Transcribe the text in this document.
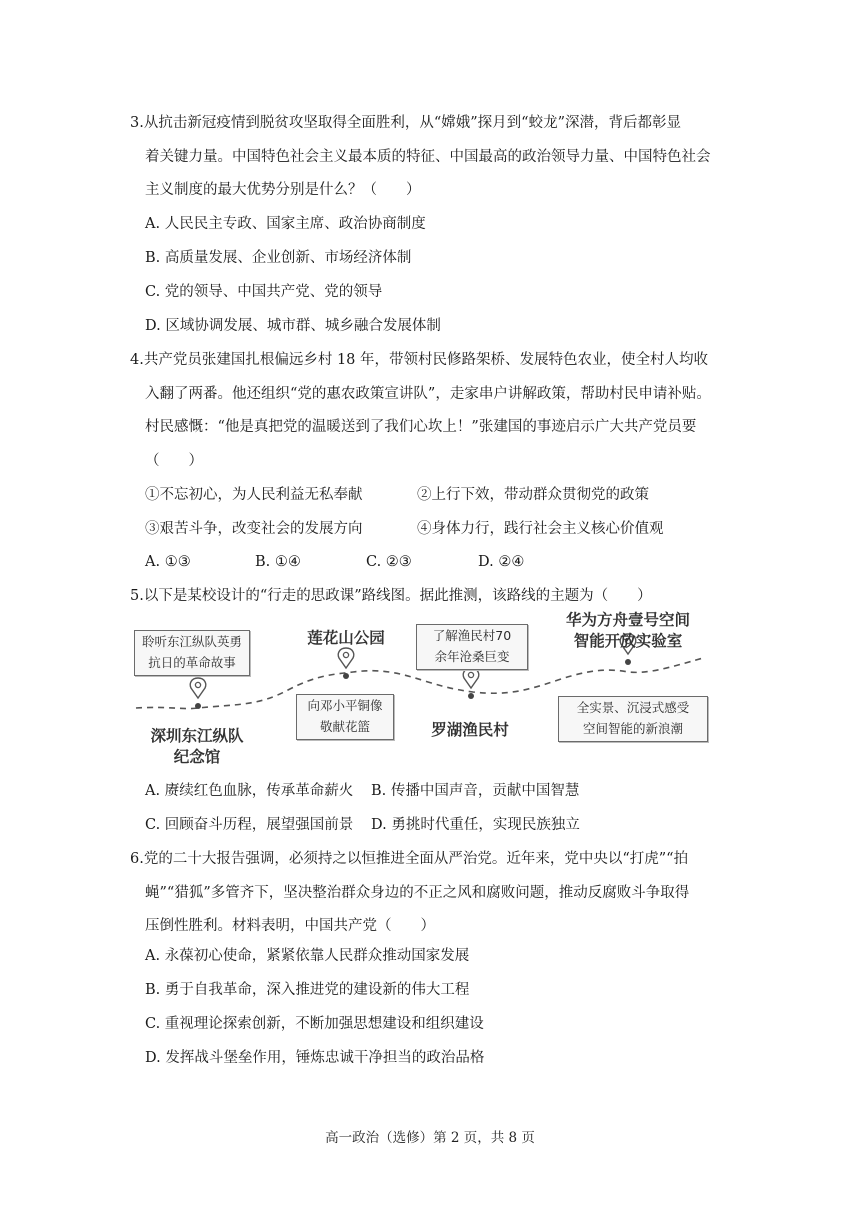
3.从抗击新冠疫情到脱贫攻坚取得全面胜利，从“嫦娥”探月到“蛟龙”深潜，背后都彰显
着关键力量。中国特色社会主义最本质的特征、中国最高的政治领导力量、中国特色社会
主义制度的最大优势分别是什么？（　　）
A. 人民民主专政、国家主席、政治协商制度
B. 高质量发展、企业创新、市场经济体制
C. 党的领导、中国共产党、党的领导
D. 区域协调发展、城市群、城乡融合发展体制
4.共产党员张建国扎根偏远乡村 18 年，带领村民修路架桥、发展特色农业，使全村人均收
入翻了两番。他还组织“党的惠农政策宣讲队”，走家串户讲解政策，帮助村民申请补贴。
村民感慨：“他是真把党的温暖送到了我们心坎上！”张建国的事迹启示广大共产党员要
（　　）
①不忘初心，为人民利益无私奉献	②上行下效，带动群众贯彻党的政策
③艰苦斗争，改变社会的发展方向	④身体力行，践行社会主义核心价值观
A. ①③	B. ①④	C. ②③	D. ②④
5.以下是某校设计的“行走的思政课”路线图。据此推测，该路线的主题为（　　）
聆听东江纵队英勇
抗日的革命故事
向邓小平铜像
敬献花篮
了解渔民村70
余年沧桑巨变
全实景、沉浸式感受
空间智能的新浪潮
深圳东江纵队
纪念馆
莲花山公园
罗湖渔民村
华为方舟壹号空间
智能开放实验室
A. 赓续红色血脉，传承革命薪火 B. 传播中国声音，贡献中国智慧
C. 回顾奋斗历程，展望强国前景 D. 勇挑时代重任，实现民族独立
6.党的二十大报告强调，必须持之以恒推进全面从严治党。近年来，党中央以“打虎”“拍
蝇”“猎狐”多管齐下，坚决整治群众身边的不正之风和腐败问题，推动反腐败斗争取得
压倒性胜利。材料表明，中国共产党（　　）
A. 永葆初心使命，紧紧依靠人民群众推动国家发展
B. 勇于自我革命，深入推进党的建设新的伟大工程
C. 重视理论探索创新，不断加强思想建设和组织建设
D. 发挥战斗堡垒作用，锤炼忠诚干净担当的政治品格
高一政治（选修）第 2 页，共 8 页
